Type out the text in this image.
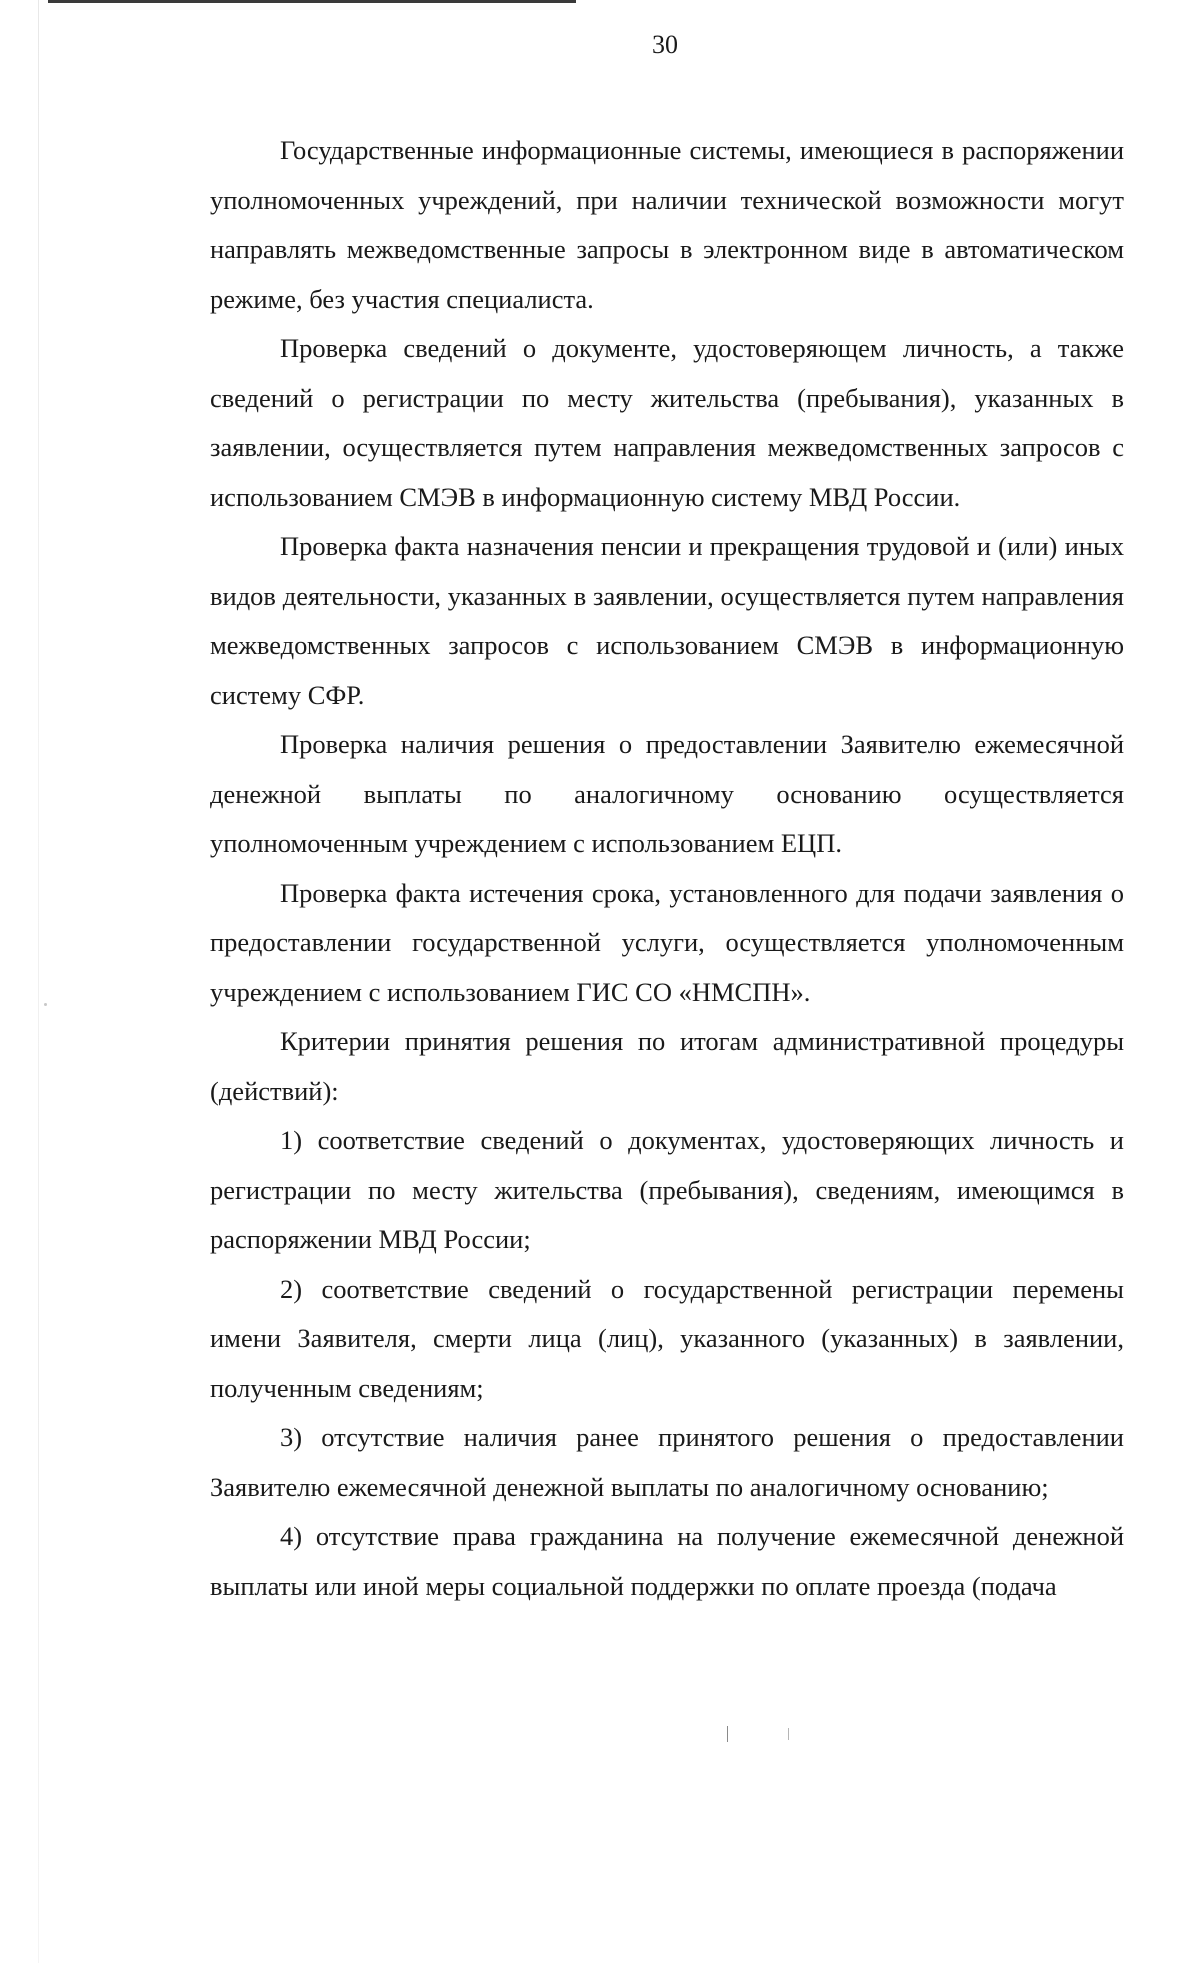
30

Государственные информационные системы, имеющиеся в распоряжении уполномоченных учреждений, при наличии технической возможности могут направлять межведомственные запросы в электронном виде в автоматическом режиме, без участия специалиста.

Проверка сведений о документе, удостоверяющем личность, а также сведений о регистрации по месту жительства (пребывания), указанных в заявлении, осуществляется путем направления межведомственных запросов с использованием СМЭВ в информационную систему МВД России.

Проверка факта назначения пенсии и прекращения трудовой и (или) иных видов деятельности, указанных в заявлении, осуществляется путем направления межведомственных запросов с использованием СМЭВ в информационную систему СФР.

Проверка наличия решения о предоставлении Заявителю ежемесячной денежной выплаты по аналогичному основанию осуществляется уполномоченным учреждением с использованием ЕЦП.

Проверка факта истечения срока, установленного для подачи заявления о предоставлении государственной услуги, осуществляется уполномоченным учреждением с использованием ГИС СО «НМСПН».

Критерии принятия решения по итогам административной процедуры (действий):

1) соответствие сведений о документах, удостоверяющих личность и регистрации по месту жительства (пребывания), сведениям, имеющимся в распоряжении МВД России;

2) соответствие сведений о государственной регистрации перемены имени Заявителя, смерти лица (лиц), указанного (указанных) в заявлении, полученным сведениям;

3) отсутствие наличия ранее принятого решения о предоставлении Заявителю ежемесячной денежной выплаты по аналогичному основанию;

4) отсутствие права гражданина на получение ежемесячной денежной выплаты или иной меры социальной поддержки по оплате проезда (подача
